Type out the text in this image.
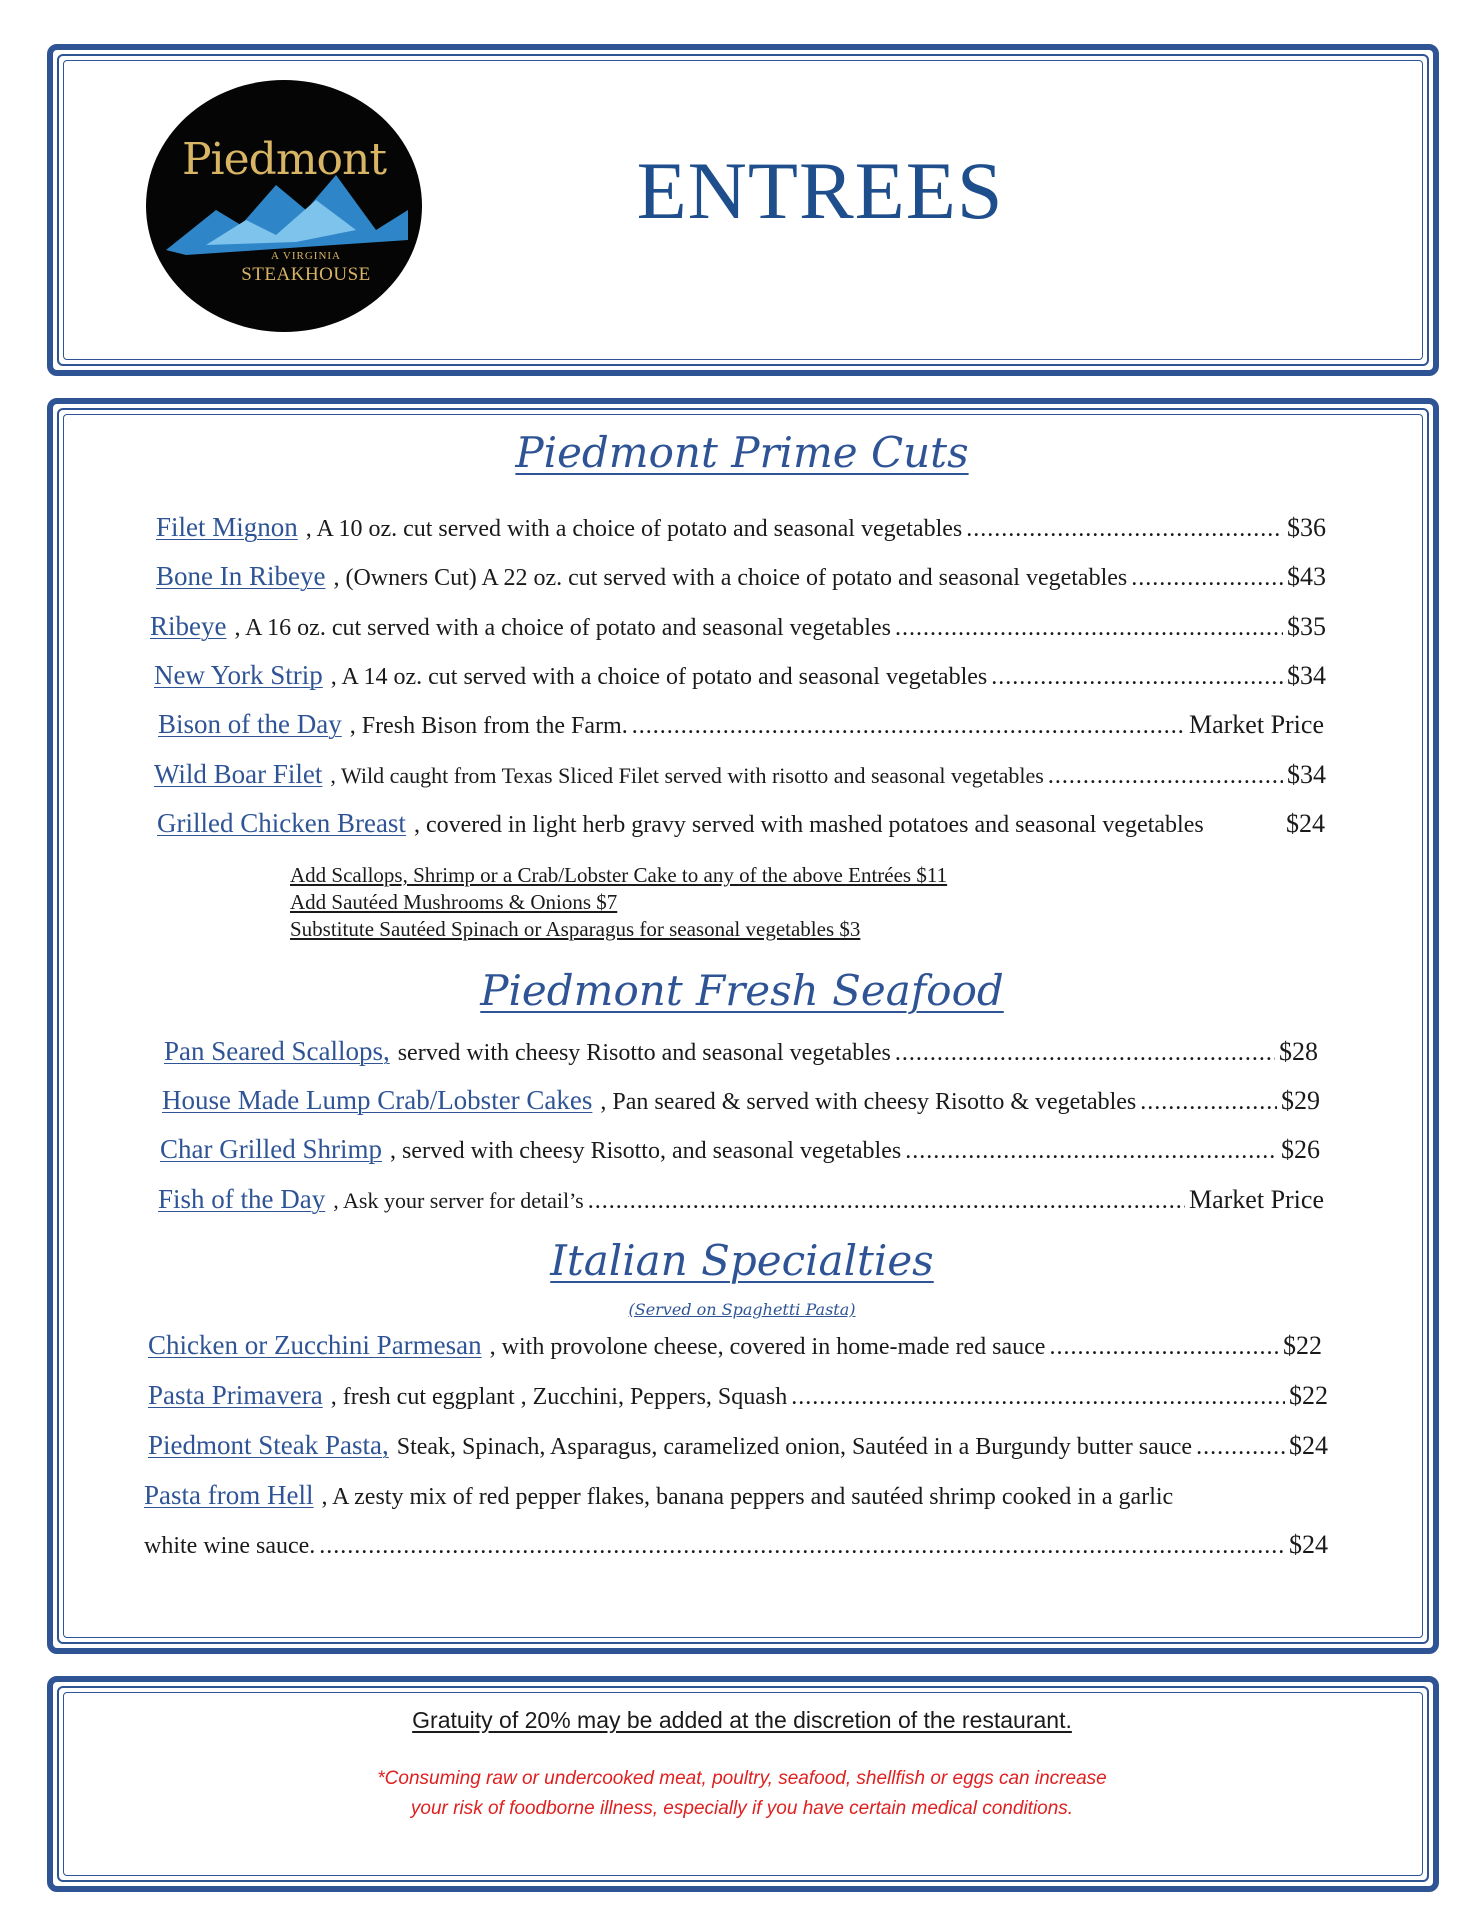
Piedmont
A VIRGINIA
STEAKHOUSE
ENTREES
Piedmont Prime Cuts
Filet Mignon , A 10 oz. cut served with a choice of potato and seasonal vegetables .....	$36
Bone In Ribeye , (Owners Cut) A 22 oz. cut served with a choice of potato and seasonal vegetables .....	$43
Ribeye , A 16 oz. cut served with a choice of potato and seasonal vegetables .....	$35
New York Strip , A 14 oz. cut served with a choice of potato and seasonal vegetables .....	$34
Bison of the Day , Fresh Bison from the Farm. .....	Market Price
Wild Boar Filet , Wild caught from Texas Sliced Filet served with risotto and seasonal vegetables .....	$34
Grilled Chicken Breast , covered in light herb gravy served with mashed potatoes and seasonal vegetables	$24
Add Scallops, Shrimp or a Crab/Lobster Cake to any of the above Entrées $11
Add Sautéed Mushrooms & Onions $7
Substitute Sautéed Spinach or Asparagus for seasonal vegetables $3
Piedmont Fresh Seafood
Pan Seared Scallops, served with cheesy Risotto and seasonal vegetables .....	$28
House Made Lump Crab/Lobster Cakes , Pan seared & served with cheesy Risotto & vegetables .....	$29
Char Grilled Shrimp , served with cheesy Risotto, and seasonal vegetables .....	$26
Fish of the Day , Ask your server for detail’s .....	Market Price
Italian Specialties
(Served on Spaghetti Pasta)
Chicken or Zucchini Parmesan , with provolone cheese, covered in home-made red sauce .....	$22
Pasta Primavera , fresh cut eggplant , Zucchini, Peppers, Squash .....	$22
Piedmont Steak Pasta, Steak, Spinach, Asparagus, caramelized onion, Sautéed in a Burgundy butter sauce .....	$24
Pasta from Hell , A zesty mix of red pepper flakes, banana peppers and sautéed shrimp cooked in a garlic
white wine sauce. .....	$24
Gratuity of 20% may be added at the discretion of the restaurant.
*Consuming raw or undercooked meat, poultry, seafood, shellfish or eggs can increase
your risk of foodborne illness, especially if you have certain medical conditions.
